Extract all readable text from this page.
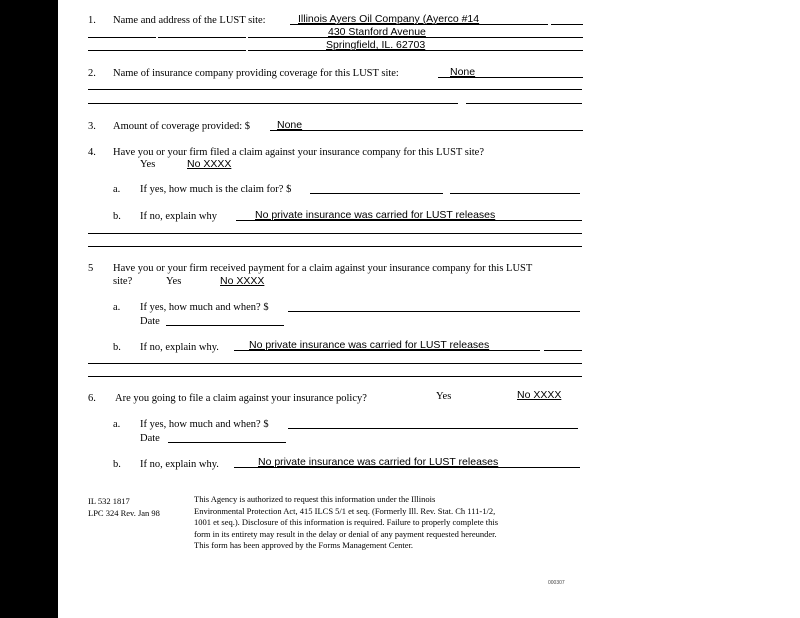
1. Name and address of the LUST site:	Illinois Ayers Oil Company (Ayerco #14
430 Stanford Avenue
Springfield, IL. 62703
2. Name of insurance company providing coverage for this LUST site:	None
3. Amount of coverage provided: $	None
4. Have you or your firm filed a claim against your insurance company for this LUST site?
Yes	No XXXX
a. If yes, how much is the claim for? $
b. If no, explain why	No private insurance was carried for LUST releases
5 Have you or your firm received payment for a claim against your insurance company for this LUST
site?	Yes	No XXXX
a. If yes, how much and when? $
Date
b. If no, explain why.	No private insurance was carried for LUST releases
6. Are you going to file a claim against your insurance policy?	Yes	No XXXX
a. If yes, how much and when? $
Date
b. If no, explain why.	No private insurance was carried for LUST releases
IL 532 1817
LPC 324 Rev. Jan 98
This Agency is authorized to request this information under the Illinois
Environmental Protection Act, 415 ILCS 5/1 et seq. (Formerly Ill. Rev. Stat. Ch 111-1/2,
1001 et seq.). Disclosure of this information is required. Failure to properly complete this
form in its entirety may result in the delay or denial of any payment requested hereunder.
This form has been approved by the Forms Management Center.
000307
